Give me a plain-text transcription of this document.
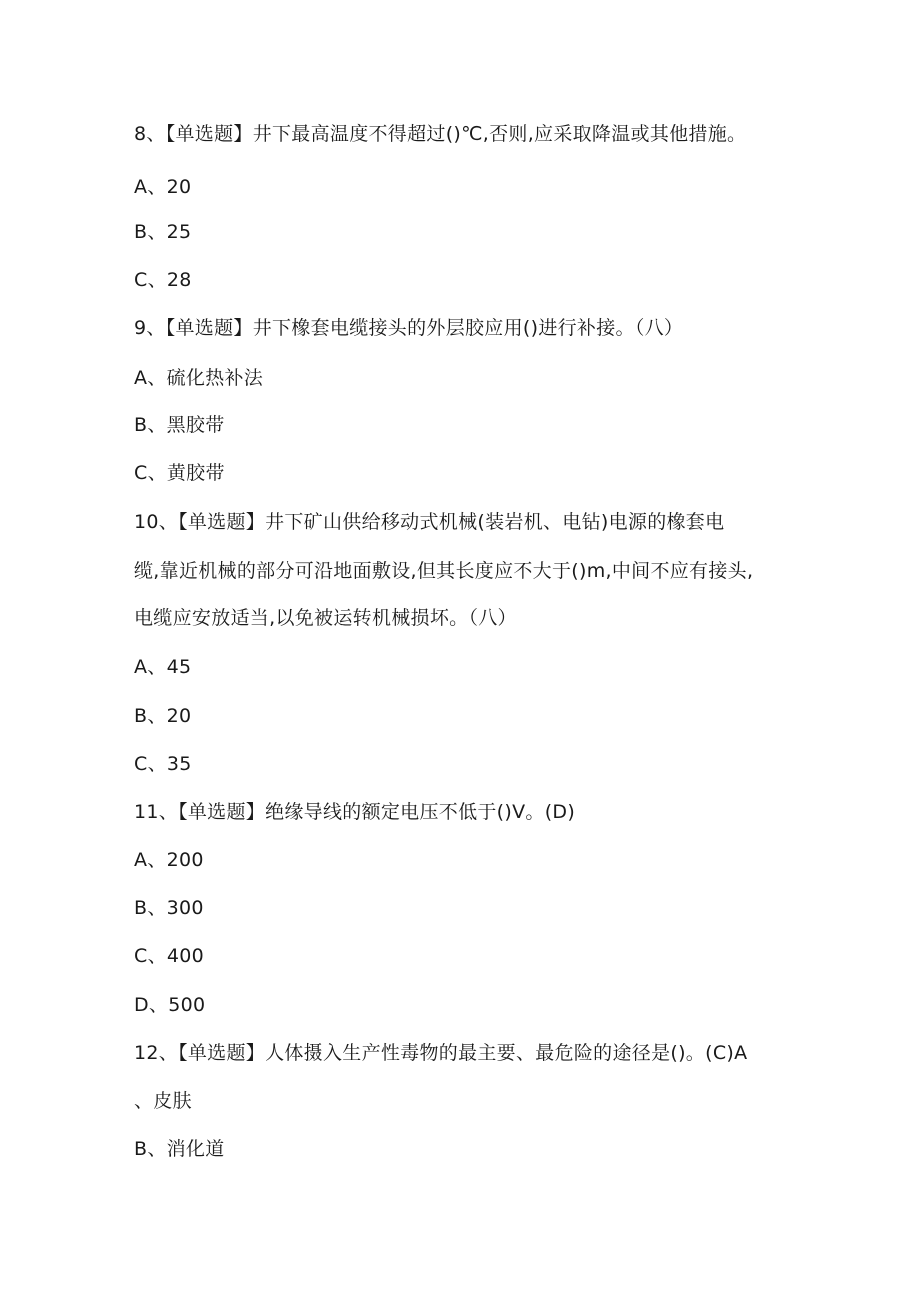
8、【单选题】井下最高温度不得超过()℃,否则,应采取降温或其他措施。
A、20
B、25
C、28
9、【单选题】井下橡套电缆接头的外层胶应用()进行补接。（八）
A、硫化热补法
B、黑胶带
C、黄胶带
10、【单选题】井下矿山供给移动式机械(装岩机、电钻)电源的橡套电
缆,靠近机械的部分可沿地面敷设,但其长度应不大于()m,中间不应有接头,
电缆应安放适当,以免被运转机械损坏。（八）
A、45
B、20
C、35
11、【单选题】绝缘导线的额定电压不低于()V。(D)
A、200
B、300
C、400
D、500
12、【单选题】人体摄入生产性毒物的最主要、最危险的途径是()。(C)A
、皮肤
B、消化道
